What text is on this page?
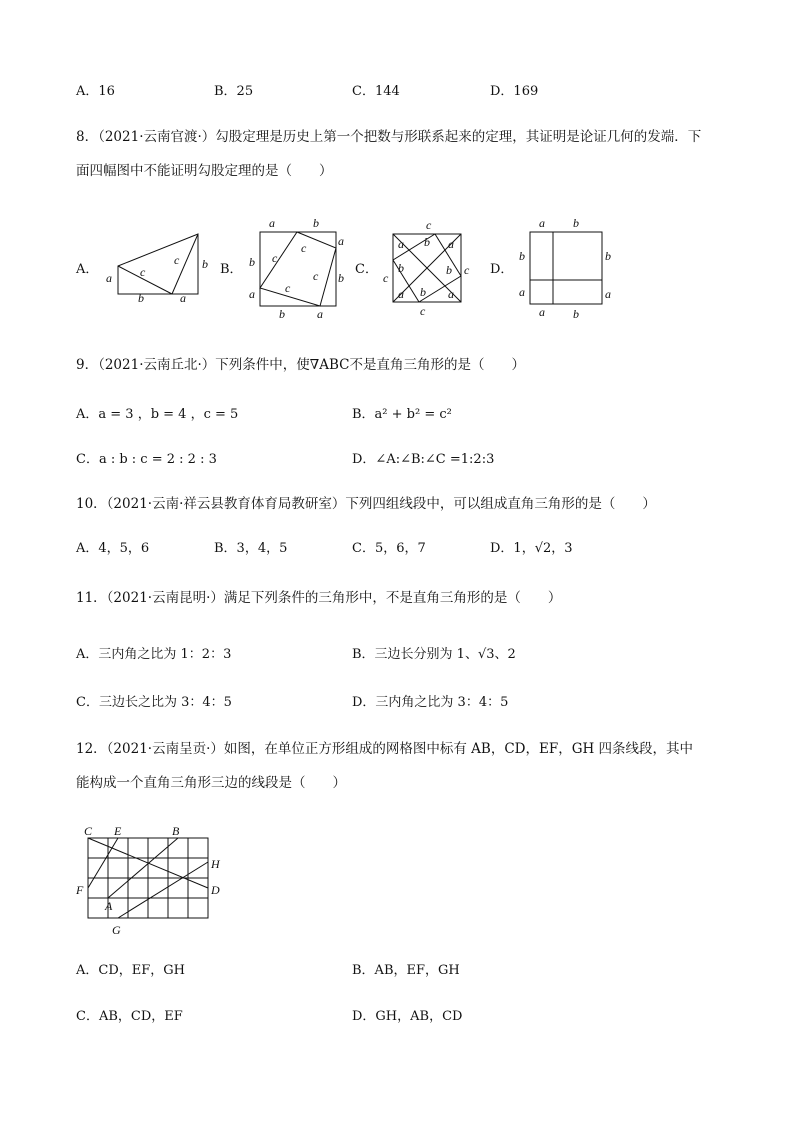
A．16	B．25	C．144	D．169
8．（2021·云南官渡·）勾股定理是历史上第一个把数与形联系起来的定理，其证明是论证几何的发端．下
面四幅图中不能证明勾股定理的是（　　）
A．	B．	C．	D．
a c
c b
b	a
a	b
a
b
b
a
b	a
c
c
c
c
c
a b a
c
b	b c
a b a
c
a b
b
a
b
a
a b
9．（2021·云南丘北·）下列条件中，使∇ABC不是直角三角形的是（　　）
A．a = 3 ，b = 4 ，c = 5	B．a² + b² = c²
C．a : b : c = 2 : 2 : 3	D．∠A:∠B:∠C =1:2:3
10．（2021·云南·祥云县教育体育局教研室）下列四组线段中，可以组成直角三角形的是（　　）
A．4，5，6	B．3，4，5	C．5，6，7	D．1，√2，3
11．（2021·云南昆明·）满足下列条件的三角形中，不是直角三角形的是（　　）
A．三内角之比为 1：2：3	B．三边长分别为 1、√3、2
C．三边长之比为 3：4：5	D．三内角之比为 3：4：5
12．（2021·云南呈贡·）如图，在单位正方形组成的网格图中标有 AB，CD，EF，GH 四条线段，其中
能构成一个直角三角形三边的线段是（　　）
C E	B
H
F	D
A
G
A．CD，EF，GH	B．AB，EF，GH
C．AB，CD，EF	D．GH，AB，CD
